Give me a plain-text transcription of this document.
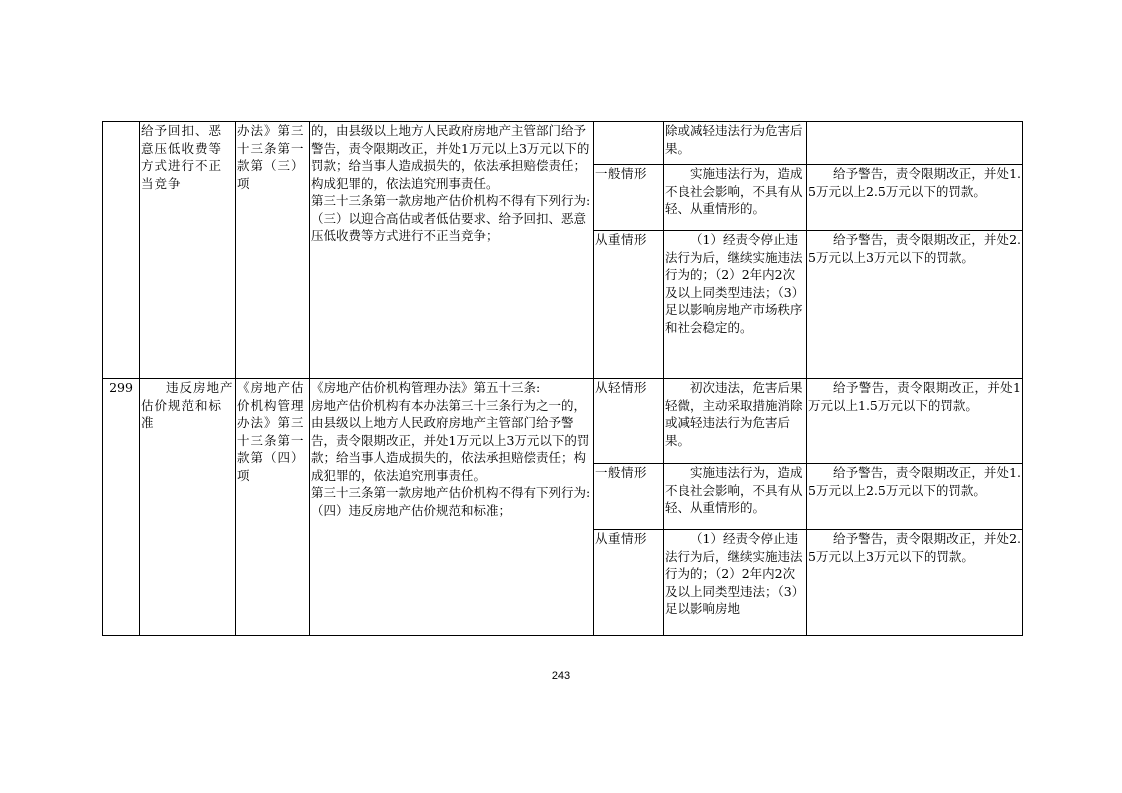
	给予回扣、恶意压低收费等方式进行不正当竞争	办法》第三十三条第一款第（三）项	的，由县级以上地方人民政府房地产主管部门给予警告，责令限期改正，并处1万元以上3万元以下的罚款；给当事人造成损失的，依法承担赔偿责任；构成犯罪的，依法追究刑事责任。

第三十三条第一款房地产估价机构不得有下列行为:

（三）以迎合高估或者低估要求、给予回扣、恶意压低收费等方式进行不正当竞争；		除或减轻违法行为危害后果。	

				一般情形	实施违法行为，造成不良社会影响，不具有从轻、从重情形的。	给予警告，责令限期改正，并处1.5万元以上2.5万元以下的罚款。

				从重情形	（1）经责令停止违法行为后，继续实施违法行为的；（2）2年内2次及以上同类型违法；（3）足以影响房地产市场秩序和社会稳定的。	给予警告，责令限期改正，并处2.5万元以上3万元以下的罚款。

299	违反房地产估价规范和标准	《房地产估价机构管理办法》第三十三条第一款第（四）项	《房地产估价机构管理办法》第五十三条:

房地产估价机构有本办法第三十三条行为之一的，由县级以上地方人民政府房地产主管部门给予警告，责令限期改正，并处1万元以上3万元以下的罚款；给当事人造成损失的，依法承担赔偿责任；构成犯罪的，依法追究刑事责任。

第三十三条第一款房地产估价机构不得有下列行为:

（四）违反房地产估价规范和标准；	从轻情形	初次违法，危害后果轻微，主动采取措施消除或减轻违法行为危害后果。	给予警告，责令限期改正，并处1万元以上1.5万元以下的罚款。

				一般情形	实施违法行为，造成不良社会影响，不具有从轻、从重情形的。	给予警告，责令限期改正，并处1.5万元以上2.5万元以下的罚款。

				从重情形	（1）经责令停止违法行为后，继续实施违法行为的；（2）2年内2次及以上同类型违法；（3）足以影响房地	给予警告，责令限期改正，并处2.5万元以上3万元以下的罚款。

243
